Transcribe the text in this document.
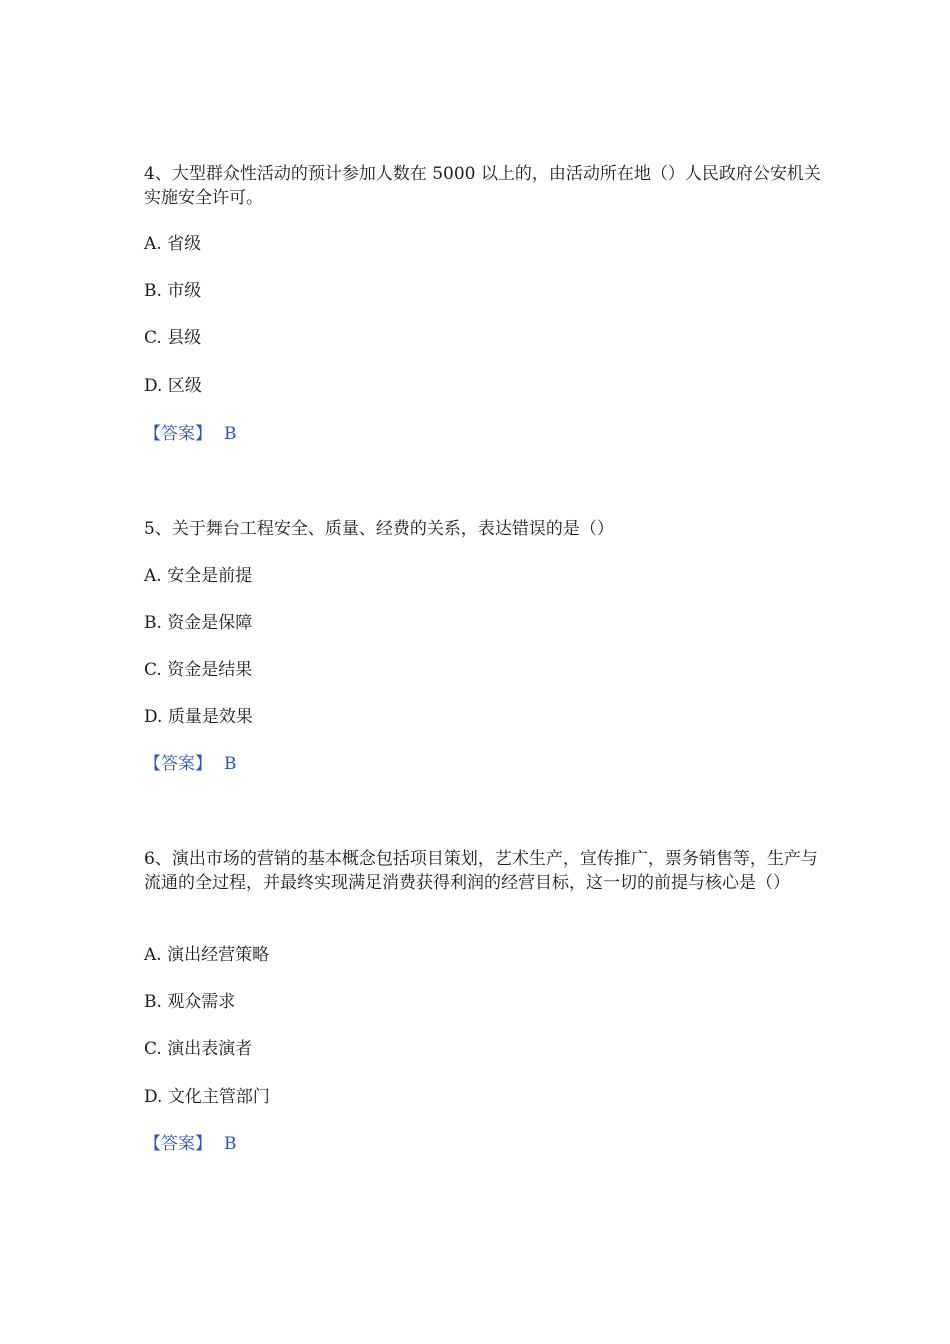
4、大型群众性活动的预计参加人数在 5000 以上的，由活动所在地（）人民政府公安机关实施安全许可。

A. 省级

B. 市级

C. 县级

D. 区级

【答案】 B

5、关于舞台工程安全、质量、经费的关系，表达错误的是（）

A. 安全是前提

B. 资金是保障

C. 资金是结果

D. 质量是效果

【答案】 B

6、演出市场的营销的基本概念包括项目策划，艺术生产，宣传推广，票务销售等，生产与流通的全过程，并最终实现满足消费获得利润的经营目标，这一切的前提与核心是（）

A. 演出经营策略

B. 观众需求

C. 演出表演者

D. 文化主管部门

【答案】 B
